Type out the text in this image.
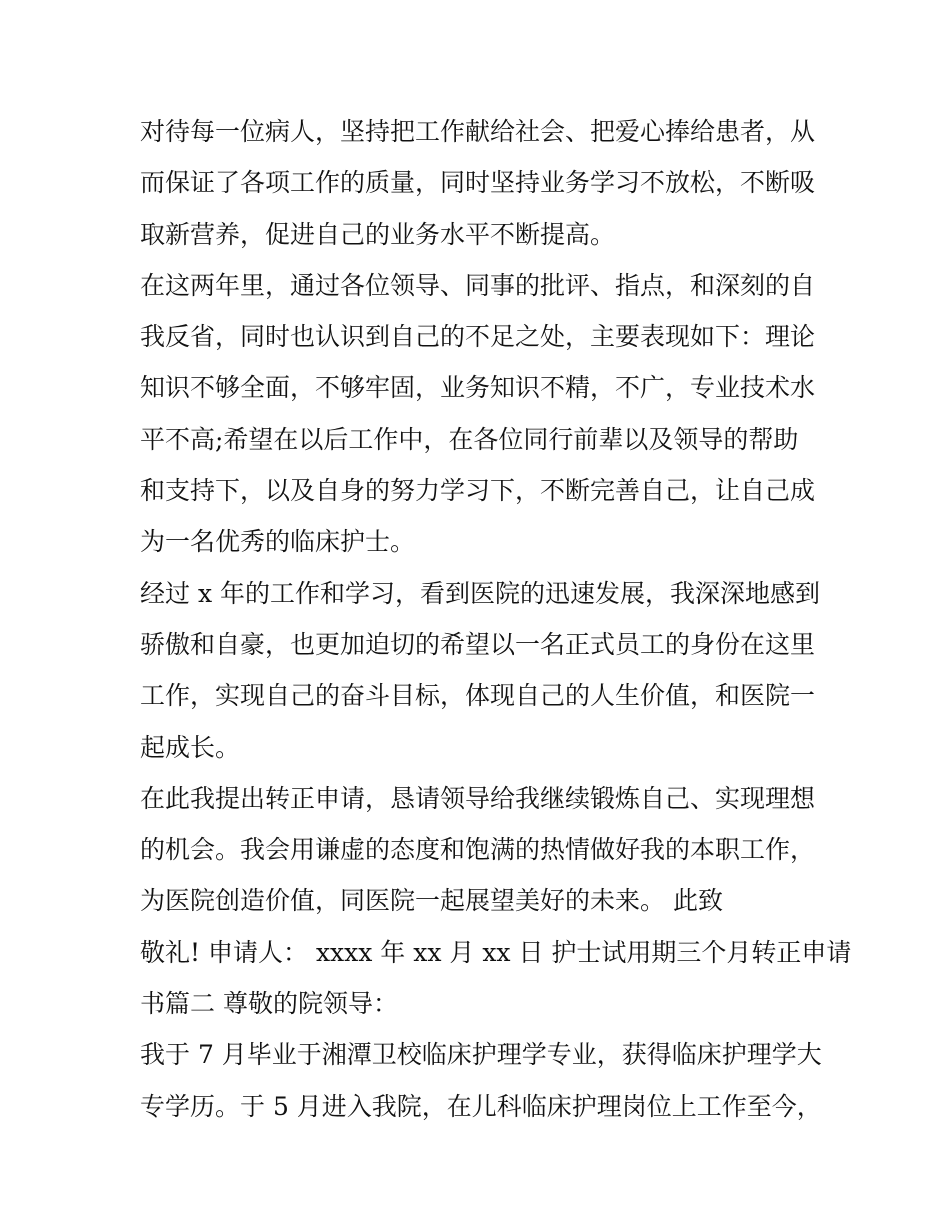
对待每一位病人，坚持把工作献给社会、把爱心捧给患者，从
而保证了各项工作的质量，同时坚持业务学习不放松，不断吸
取新营养，促进自己的业务水平不断提高。
在这两年里，通过各位领导、同事的批评、指点，和深刻的自
我反省，同时也认识到自己的不足之处，主要表现如下：理论
知识不够全面，不够牢固，业务知识不精，不广，专业技术水
平不高;希望在以后工作中，在各位同行前辈以及领导的帮助
和支持下，以及自身的努力学习下，不断完善自己，让自己成
为一名优秀的临床护士。
经过 x 年的工作和学习，看到医院的迅速发展，我深深地感到
骄傲和自豪，也更加迫切的希望以一名正式员工的身份在这里
工作，实现自己的奋斗目标，体现自己的人生价值，和医院一
起成长。
在此我提出转正申请，恳请领导给我继续锻炼自己、实现理想
的机会。我会用谦虚的态度和饱满的热情做好我的本职工作，
为医院创造价值，同医院一起展望美好的未来。 此致
敬礼! 申请人： xxxx 年 xx 月 xx 日 护士试用期三个月转正申请
书篇二 尊敬的院领导：
我于 7 月毕业于湘潭卫校临床护理学专业，获得临床护理学大
专学历。于 5 月进入我院，在儿科临床护理岗位上工作至今，
